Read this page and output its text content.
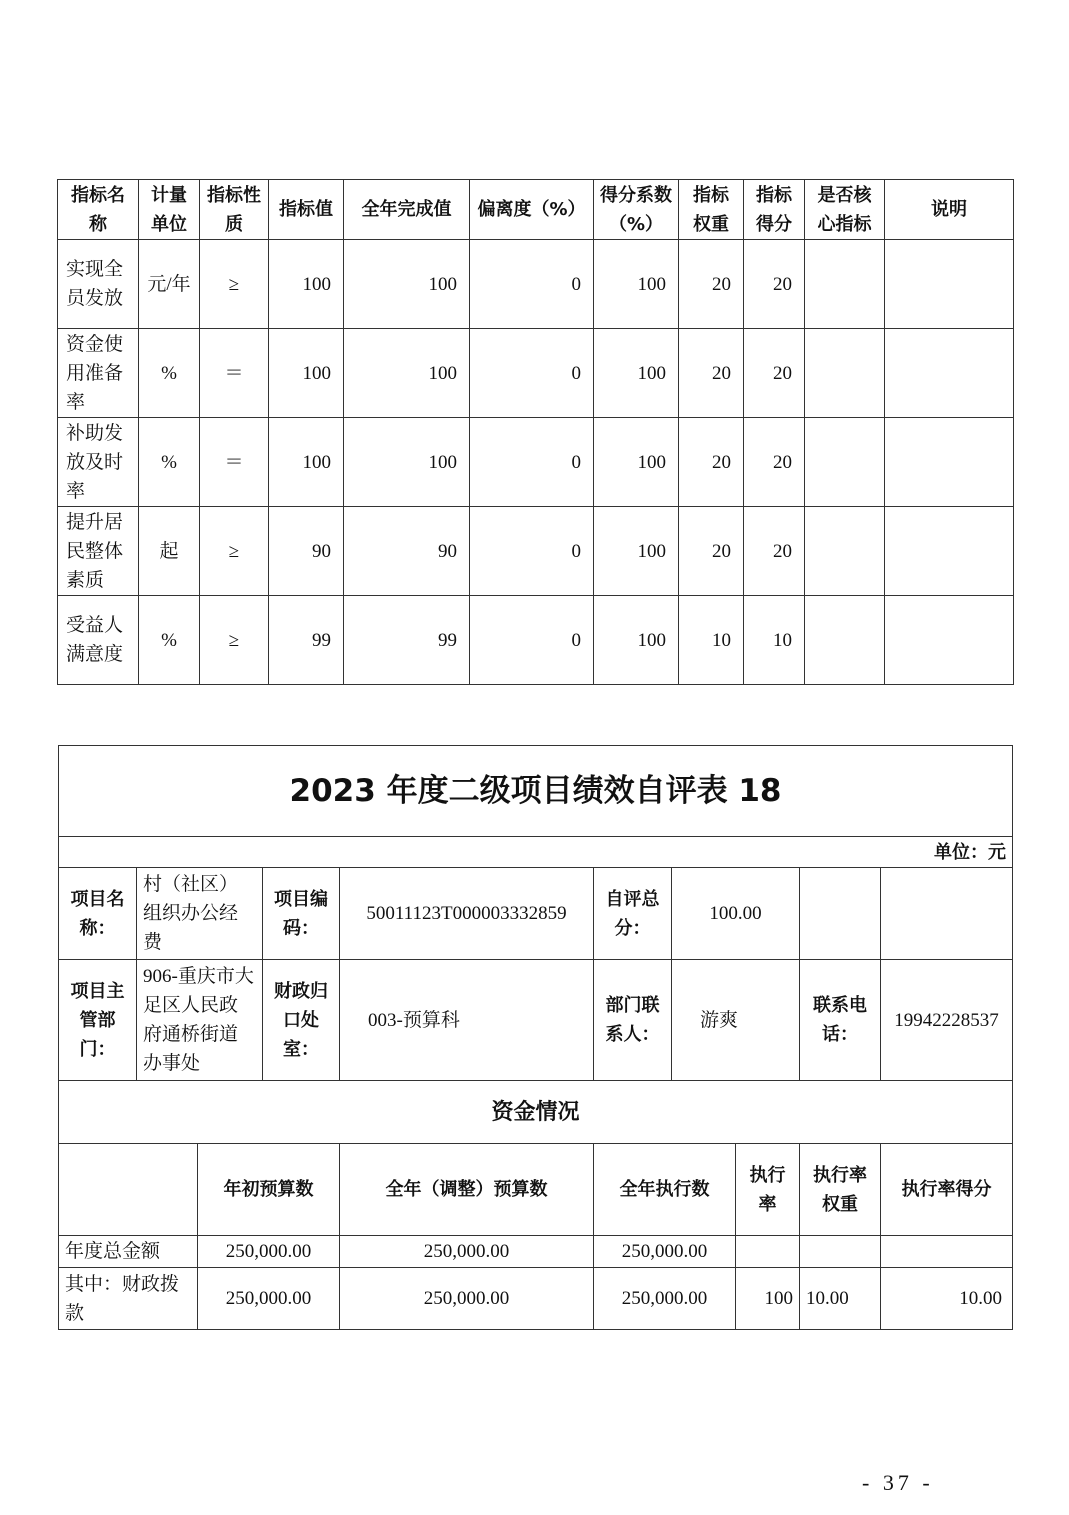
指标名称	计量单位	指标性质	指标值	全年完成值	偏离度（%）	得分系数（%）	指标权重	指标得分	是否核心指标	说明
实现全员发放	元/年	≥	100	100	0	100	20	20		
资金使用准备率	%	＝	100	100	0	100	20	20		
补助发放及时率	%	＝	100	100	0	100	20	20		
提升居民整体素质	起	≥	90	90	0	100	20	20		
受益人满意度	%	≥	99	99	0	100	10	10		
2023 年度二级项目绩效自评表 18									
单位：元									
项目名称：	村（社区）组织办公经费		项目编码：	50011123T000003332859	自评总分：	100.00			
项目主管部门：	906-重庆市大足区人民政府通桥街道办事处		财政归口处室：	003-预算科	部门联系人：	游爽		联系电话：	19942228537
资金情况									
		年初预算数		全年（调整）预算数	全年执行数		执行率	执行率权重	执行率得分
年度总金额		250,000.00		250,000.00	250,000.00				
其中：财政拨款		250,000.00		250,000.00	250,000.00		100	10.00	10.00
- 37 -
